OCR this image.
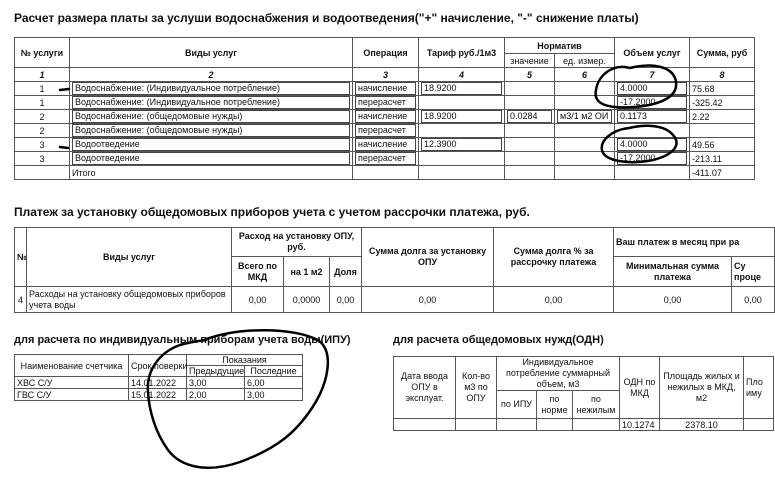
Расчет размера платы за услуши водоснабжения и водоотведения("+" начисление, "-" снижение платы)
№ услуги	Виды услуг	Операция	Тариф руб./1м3	Норматив		Объем услуг	Сумма, руб
				значение	ед. измер.		
1	2	3	4	5	6	7	8
1	Водоснабжение: (Индивидуальное потребление)	начисление	18.9200			4.0000	75.68
1	Водоснабжение: (Индивидуальное потребление)	перерасчет				-17.2000	-325.42
2	Водоснабжение: (общедомовые нужды)	начисление	18.9200	0.0284	м3/1 м2 ОИ	0.1173	2.22
2	Водоснабжение: (общедомовые нужды)	перерасчет					

3	Водоотведение	начисление	12.3900			4.0000	49.56
3	Водоотведение	перерасчет				-17.2000	-213.11
	Итого						-411.07
Платеж за установку общедомовых приборов учета с учетом рассрочки платежа, руб.
№	Виды услуг	Расход на установку ОПУ, руб.			Сумма долга за установку ОПУ	Сумма долга % за рассрочку платежа	Ваш платеж в месяц при ра	
		Всего по МКД	на 1 м2	Доля			Минимальная сумма платежа	Су проце
4	Расходы на установку общедомовых приборов учета воды	0,00	0,0000	0,00	0,00	0,00	0,00	0,00
для расчета по индивидуальным приборам учета воды(ИПУ)
Наименование счетчика	Срок поверки	Показания	
		Предыдущие	Последние
ХВС С/У	14.01.2022	3,00	6,00
ГВС С/У	15.01.2022	2,00	3,00
для расчета общедомовых нужд(ОДН)
Дата ввода ОПУ в эксплуат.	Кол-во м3 по ОПУ	Индивидуальное потребление суммарный объем, м3			ОДН по МКД	Площадь жилых и нежилых в МКД, м2	Пло иму
		по ИПУ	по норме	по нежилым			
					10.1274	2378.10	
